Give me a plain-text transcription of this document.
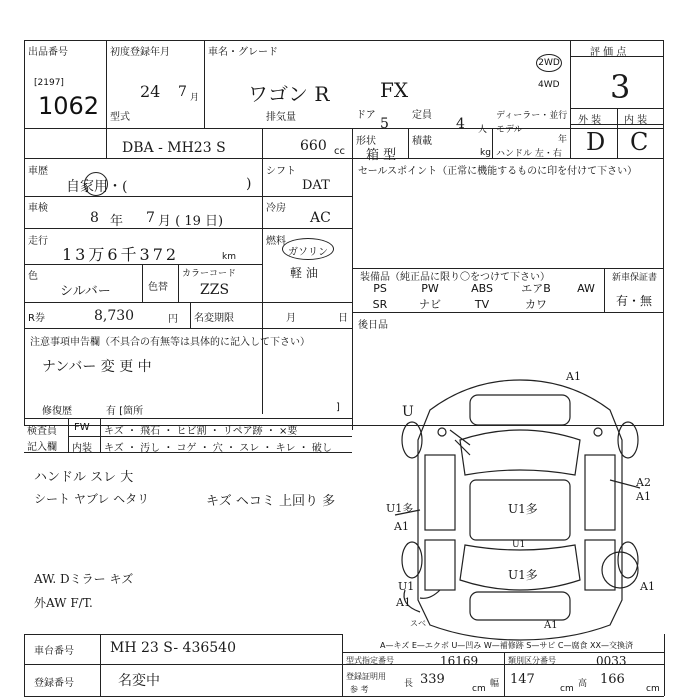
出品番号
[2197]
1062
初度登録年月
24 7 月
車名・グレード
ワゴン R	FX
2WD
4WD
評 価 点
3
型式
DBA - MH23 S
排気量
660 cc
ドア
5
定員
4 人
ディーラー・並行
モデル
年
ハンドル 左・右
形状
箱 型
積載
kg
外 装 内 装
D C
車歴
自家用・(	)
車検
8 年 7 月 ( 19 日)
走行
13万6千372	km
色
シルバー	色替
カラーコード
ZZS
R券	8,730	円 名変期限	月	日
注意事項申告欄（不具合の有無等は具体的に記入して下さい）
ナンバー 変 更 中
修復歴	有 [箇所	]
シフト
DAT
冷房
AC
燃料
ガソリン
軽 油
セールスポイント（正常に機能するものに印を付けて下さい）
装備品（純正品に限り〇をつけて下さい）	新車保証書
有・無
後日品
PS	PW	ABS	エアB	AW
SR	ナビ	TV	カワ
検査員
記入欄
FW キズ ・ 飛石 ・ ヒビ割 ・ リペア跡 ・ ×要
内装 キズ ・ 汚し ・ コゲ ・ 穴 ・ スレ ・ キレ ・ 破し
ハンドル スレ 大
シート ヤブレ ヘタリ	キズ ヘコミ 上回り 多
AW. Dミラー キズ
外AW F/T.
U
A1
A2
A1
U1多
U1多
U1多
A1
A1
U1	A1
U1
A1
スベ
A—キズ E—エクボ U—凹み W—補修跡 S—サビ C—腐食 XX—交換済
車台番号	MH 23 S- 436540
登録番号	名変中
型式指定番号	16169	類別区分番号	0033
登録証明用
参 考
長 339
cm 幅 147
cm 高 166
cm
